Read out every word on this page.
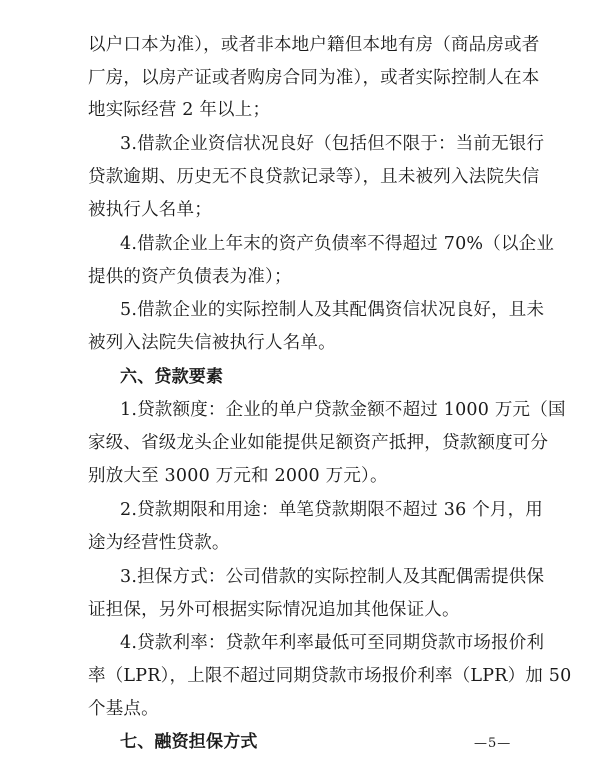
以户口本为准），或者非本地户籍但本地有房（商品房或者
厂房，以房产证或者购房合同为准），或者实际控制人在本
地实际经营 2 年以上；
3.借款企业资信状况良好（包括但不限于：当前无银行
贷款逾期、历史无不良贷款记录等），且未被列入法院失信
被执行人名单；
4.借款企业上年末的资产负债率不得超过 70%（以企业
提供的资产负债表为准）；
5.借款企业的实际控制人及其配偶资信状况良好，且未
被列入法院失信被执行人名单。
六、贷款要素
1.贷款额度：企业的单户贷款金额不超过 1000 万元（国
家级、省级龙头企业如能提供足额资产抵押，贷款额度可分
别放大至 3000 万元和 2000 万元）。
2.贷款期限和用途：单笔贷款期限不超过 36 个月，用
途为经营性贷款。
3.担保方式：公司借款的实际控制人及其配偶需提供保
证担保，另外可根据实际情况追加其他保证人。
4.贷款利率：贷款年利率最低可至同期贷款市场报价利
率（LPR），上限不超过同期贷款市场报价利率（LPR）加 50
个基点。
七、融资担保方式	—5—
